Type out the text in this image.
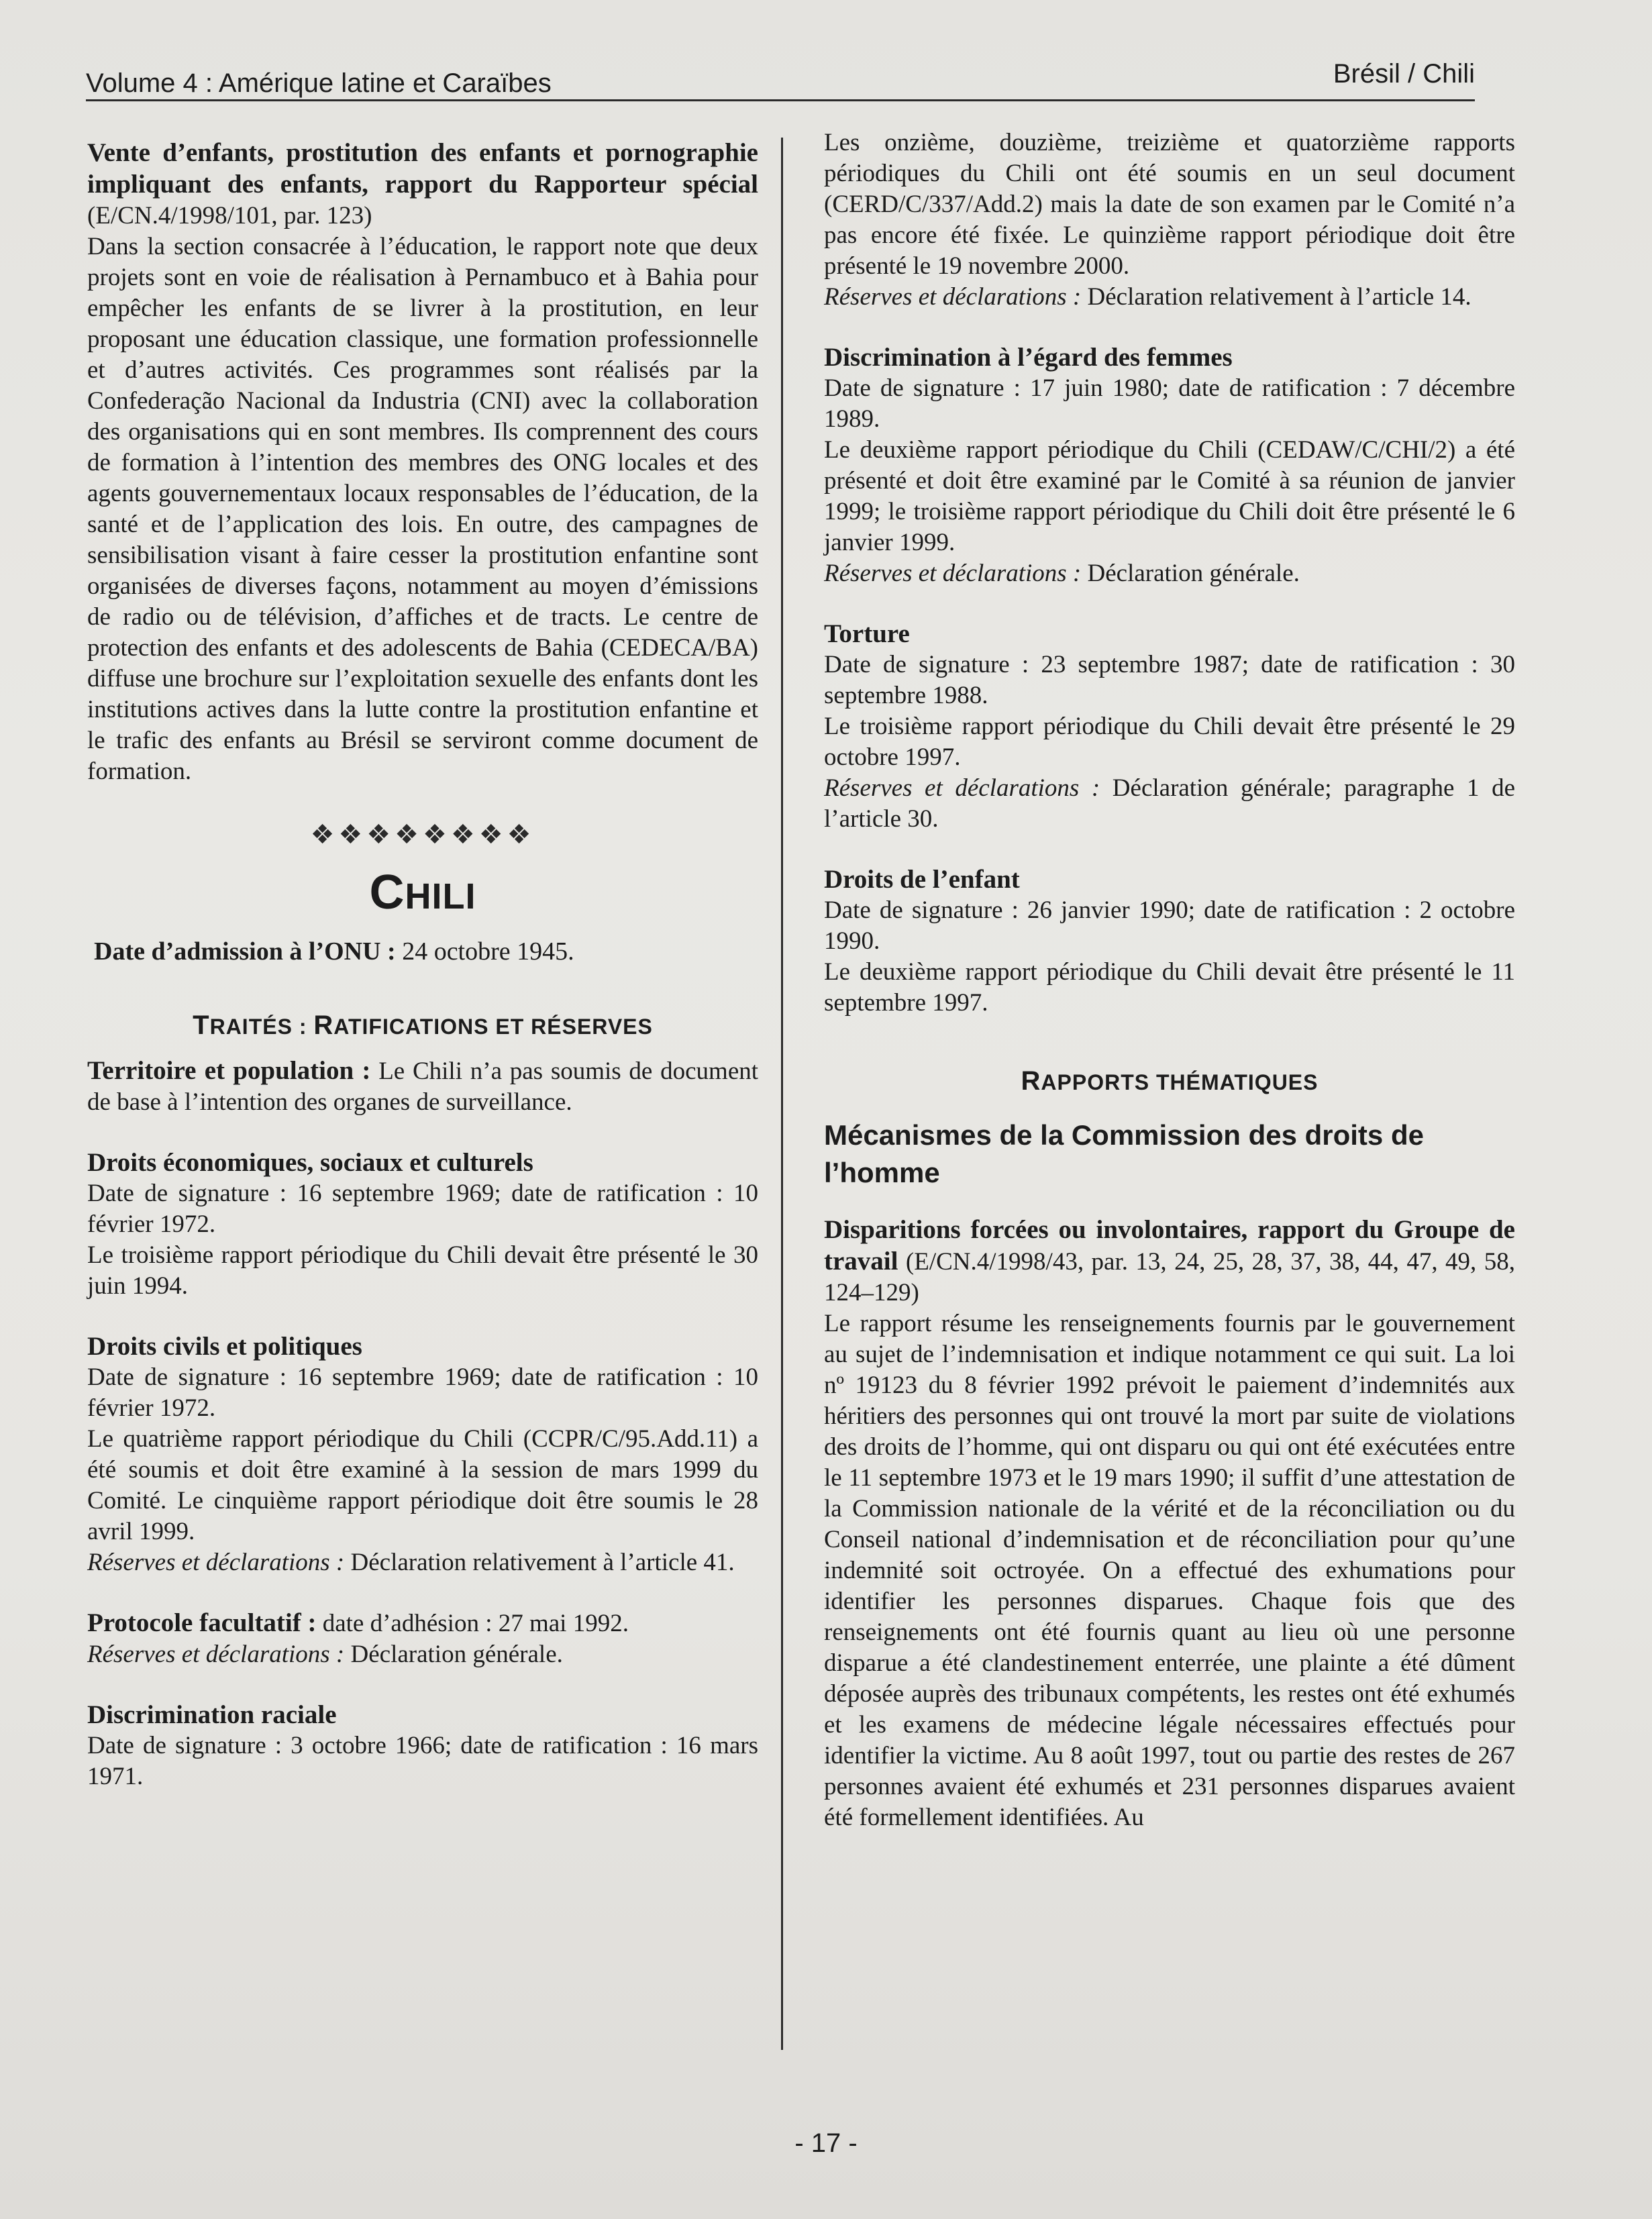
Volume 4 : Amérique latine et Caraïbes	Brésil / Chili

Vente d’enfants, prostitution des enfants et pornographie impliquant des enfants, rapport du Rapporteur spécial (E/CN.4/1998/101, par. 123)

Dans la section consacrée à l’éducation, le rapport note que deux projets sont en voie de réalisation à Pernambuco et à Bahia pour empêcher les enfants de se livrer à la prostitution, en leur proposant une éducation classique, une formation professionnelle et d’autres activités. Ces programmes sont réalisés par la Confederação Nacional da Industria (CNI) avec la collaboration des organisations qui en sont membres. Ils comprennent des cours de formation à l’intention des membres des ONG locales et des agents gouvernementaux locaux responsables de l’éducation, de la santé et de l’application des lois. En outre, des campagnes de sensibilisation visant à faire cesser la prostitution enfantine sont organisées de diverses façons, notamment au moyen d’émissions de radio ou de télévision, d’affiches et de tracts. Le centre de protection des enfants et des adolescents de Bahia (CEDECA/BA) diffuse une brochure sur l’exploitation sexuelle des enfants dont les institutions actives dans la lutte contre la prostitution enfantine et le trafic des enfants au Brésil se serviront comme document de formation.

❖❖❖❖❖❖❖❖
CHILI

Date d’admission à l’ONU : 24 octobre 1945.

TRAITÉS : RATIFICATIONS ET RÉSERVES

Territoire et population : Le Chili n’a pas soumis de document de base à l’intention des organes de surveillance.

Droits économiques, sociaux et culturels

Date de signature : 16 septembre 1969; date de ratification : 10 février 1972.

Le troisième rapport périodique du Chili devait être présenté le 30 juin 1994.

Droits civils et politiques

Date de signature : 16 septembre 1969; date de ratification : 10 février 1972.

Le quatrième rapport périodique du Chili (CCPR/C/95.Add.11) a été soumis et doit être examiné à la session de mars 1999 du Comité. Le cinquième rapport périodique doit être soumis le 28 avril 1999.

Réserves et déclarations : Déclaration relativement à l’article 41.

Protocole facultatif : date d’adhésion : 27 mai 1992.

Réserves et déclarations : Déclaration générale.

Discrimination raciale

Date de signature : 3 octobre 1966; date de ratification : 16 mars 1971.

Les onzième, douzième, treizième et quatorzième rapports périodiques du Chili ont été soumis en un seul document (CERD/C/337/Add.2) mais la date de son examen par le Comité n’a pas encore été fixée. Le quinzième rapport périodique doit être présenté le 19 novembre 2000.

Réserves et déclarations : Déclaration relativement à l’article 14.

Discrimination à l’égard des femmes

Date de signature : 17 juin 1980; date de ratification : 7 décembre 1989.

Le deuxième rapport périodique du Chili (CEDAW/C/CHI/2) a été présenté et doit être examiné par le Comité à sa réunion de janvier 1999; le troisième rapport périodique du Chili doit être présenté le 6 janvier 1999.

Réserves et déclarations : Déclaration générale.

Torture

Date de signature : 23 septembre 1987; date de ratification : 30 septembre 1988.

Le troisième rapport périodique du Chili devait être présenté le 29 octobre 1997.

Réserves et déclarations : Déclaration générale; paragraphe 1 de l’article 30.

Droits de l’enfant

Date de signature : 26 janvier 1990; date de ratification : 2 octobre 1990.

Le deuxième rapport périodique du Chili devait être présenté le 11 septembre 1997.

RAPPORTS THÉMATIQUES

Mécanismes de la Commission des droits de l’homme

Disparitions forcées ou involontaires, rapport du Groupe de travail (E/CN.4/1998/43, par. 13, 24, 25, 28, 37, 38, 44, 47, 49, 58, 124–129)

Le rapport résume les renseignements fournis par le gouvernement au sujet de l’indemnisation et indique notamment ce qui suit. La loi nº 19123 du 8 février 1992 prévoit le paiement d’indemnités aux héritiers des personnes qui ont trouvé la mort par suite de violations des droits de l’homme, qui ont disparu ou qui ont été exécutées entre le 11 septembre 1973 et le 19 mars 1990; il suffit d’une attestation de la Commission nationale de la vérité et de la réconciliation ou du Conseil national d’indemnisation et de réconciliation pour qu’une indemnité soit octroyée. On a effectué des exhumations pour identifier les personnes disparues. Chaque fois que des renseignements ont été fournis quant au lieu où une personne disparue a été clandestinement enterrée, une plainte a été dûment déposée auprès des tribunaux compétents, les restes ont été exhumés et les examens de médecine légale nécessaires effectués pour identifier la victime. Au 8 août 1997, tout ou partie des restes de 267 personnes avaient été exhumés et 231 personnes disparues avaient été formellement identifiées. Au

- 17 -
